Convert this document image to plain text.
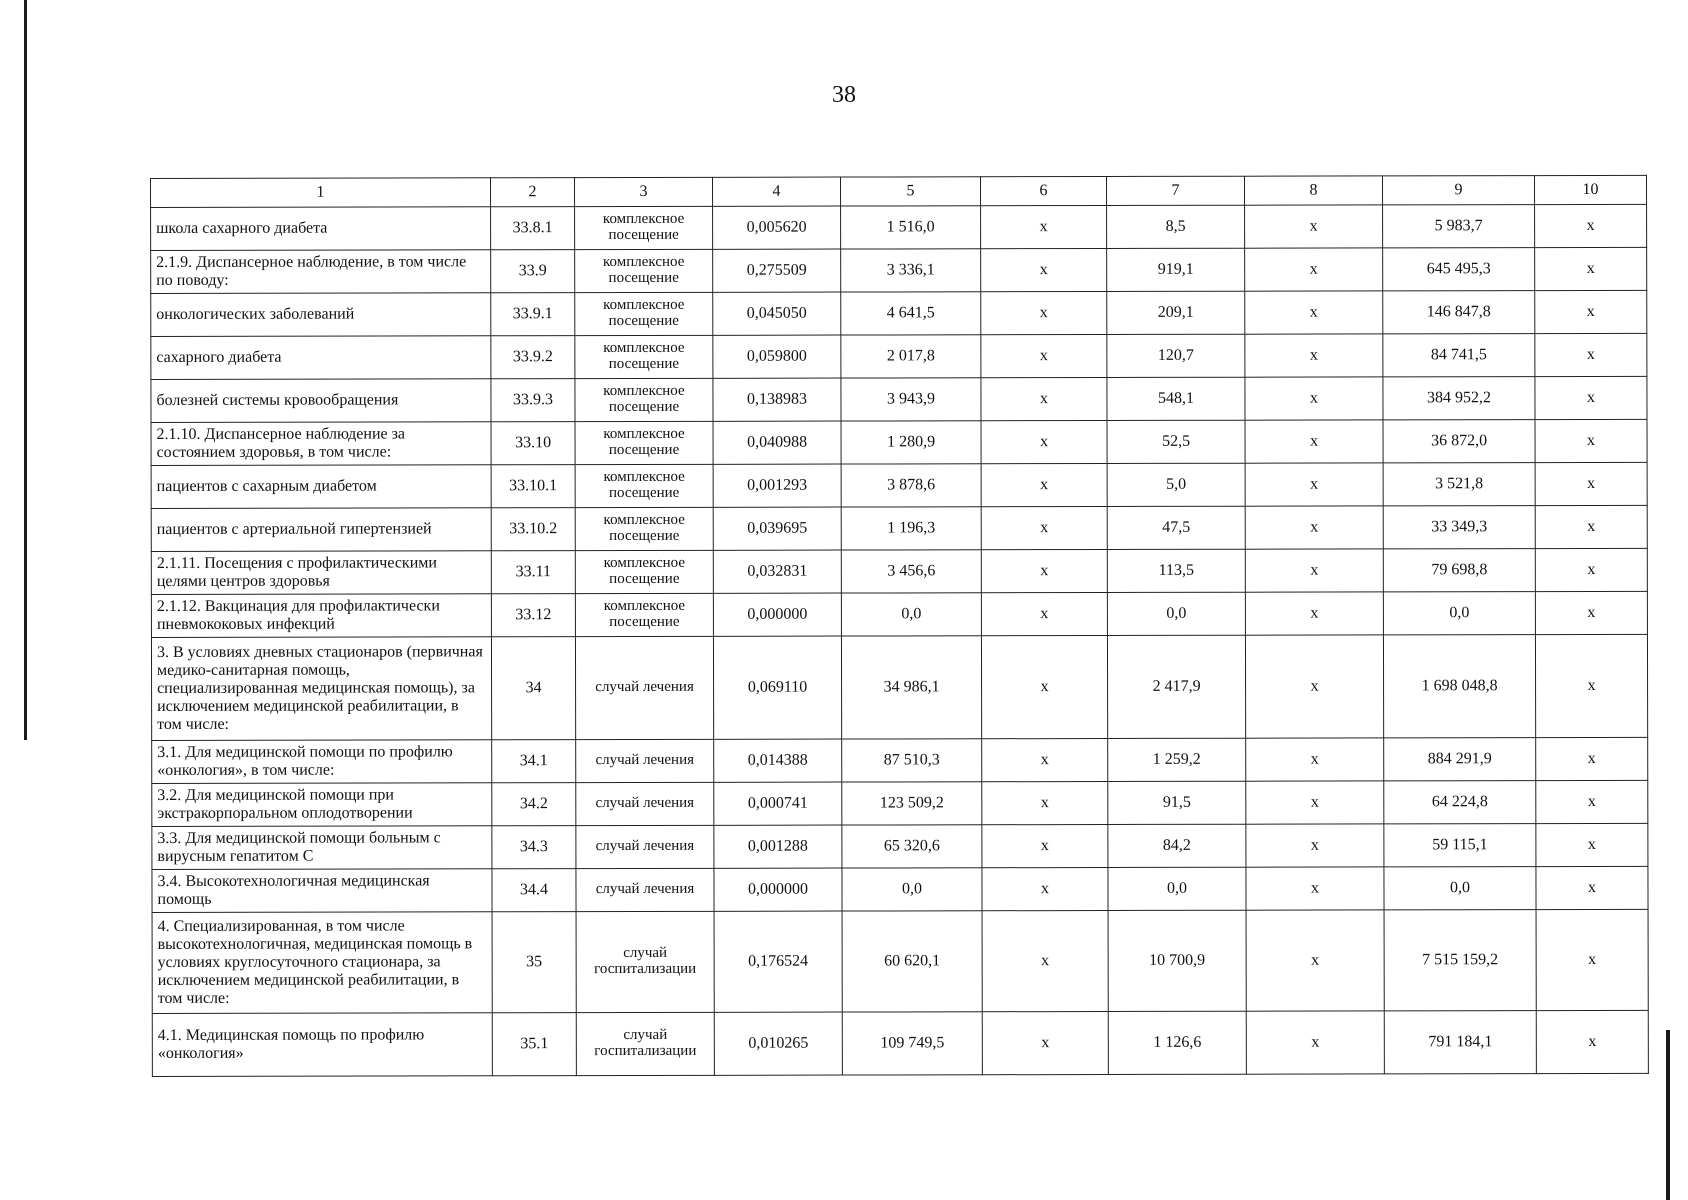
38
1	2	3	4	5	6	7	8	9	10
школа сахарного диабета	33.8.1	комплексное посещение	0,005620	1 516,0	х	8,5	х	5 983,7	х
2.1.9. Диспансерное наблюдение, в том числе по поводу:	33.9	комплексное посещение	0,275509	3 336,1	х	919,1	х	645 495,3	х
онкологических заболеваний	33.9.1	комплексное посещение	0,045050	4 641,5	х	209,1	х	146 847,8	х
сахарного диабета	33.9.2	комплексное посещение	0,059800	2 017,8	х	120,7	х	84 741,5	х
болезней системы кровообращения	33.9.3	комплексное посещение	0,138983	3 943,9	х	548,1	х	384 952,2	х
2.1.10. Диспансерное наблюдение за состоянием здоровья, в том числе:	33.10	комплексное посещение	0,040988	1 280,9	х	52,5	х	36 872,0	х
пациентов с сахарным диабетом	33.10.1	комплексное посещение	0,001293	3 878,6	х	5,0	х	3 521,8	х
пациентов с артериальной гипертензией	33.10.2	комплексное посещение	0,039695	1 196,3	х	47,5	х	33 349,3	х
2.1.11. Посещения с профилактическими целями центров здоровья	33.11	комплексное посещение	0,032831	3 456,6	х	113,5	х	79 698,8	х
2.1.12. Вакцинация для профилактически пневмококовых инфекций	33.12	комплексное посещение	0,000000	0,0	х	0,0	х	0,0	х
3. В условиях дневных стационаров (первичная медико-санитарная помощь, специализированная медицинская помощь), за исключением медицинской реабилитации, в том числе:	34	случай лечения	0,069110	34 986,1	х	2 417,9	х	1 698 048,8	х
3.1. Для медицинской помощи по профилю «онкология», в том числе:	34.1	случай лечения	0,014388	87 510,3	х	1 259,2	х	884 291,9	х
3.2. Для медицинской помощи при экстракорпоральном оплодотворении	34.2	случай лечения	0,000741	123 509,2	х	91,5	х	64 224,8	х
3.3. Для медицинской помощи больным с вирусным гепатитом С	34.3	случай лечения	0,001288	65 320,6	х	84,2	х	59 115,1	х
3.4. Высокотехнологичная медицинская помощь	34.4	случай лечения	0,000000	0,0	х	0,0	х	0,0	х
4. Специализированная, в том числе высокотехнологичная, медицинская помощь в условиях круглосуточного стационара, за исключением медицинской реабилитации, в том числе:	35	случай госпитализации	0,176524	60 620,1	х	10 700,9	х	7 515 159,2	х
4.1. Медицинская помощь по профилю «онкология»	35.1	случай госпитализации	0,010265	109 749,5	х	1 126,6	х	791 184,1	х
